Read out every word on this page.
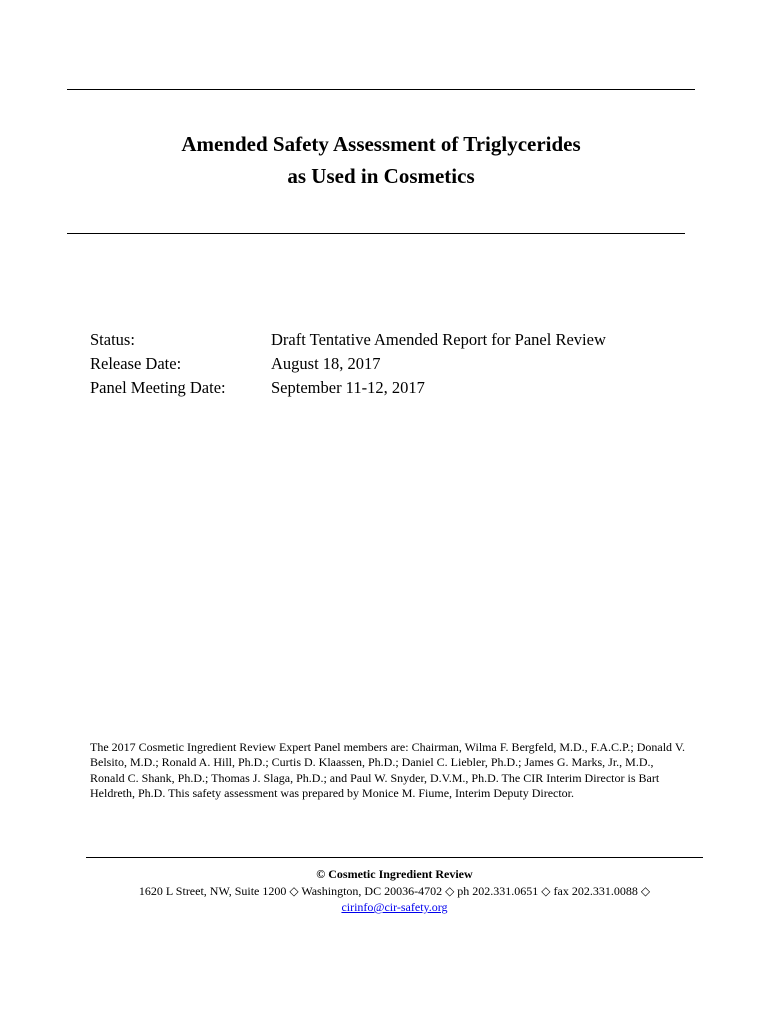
Amended Safety Assessment of Triglycerides
as Used in Cosmetics
Status:	Draft Tentative Amended Report for Panel Review
Release Date:	August 18, 2017
Panel Meeting Date:	September 11-12, 2017
The 2017 Cosmetic Ingredient Review Expert Panel members are: Chairman, Wilma F. Bergfeld, M.D., F.A.C.P.; Donald V. Belsito, M.D.; Ronald A. Hill, Ph.D.; Curtis D. Klaassen, Ph.D.; Daniel C. Liebler, Ph.D.; James G. Marks, Jr., M.D., Ronald C. Shank, Ph.D.; Thomas J. Slaga, Ph.D.; and Paul W. Snyder, D.V.M., Ph.D. The CIR Interim Director is Bart Heldreth, Ph.D. This safety assessment was prepared by Monice M. Fiume, Interim Deputy Director.
© Cosmetic Ingredient Review
1620 L Street, NW, Suite 1200 ◇ Washington, DC 20036-4702 ◇ ph 202.331.0651 ◇ fax 202.331.0088 ◇
cirinfo@cir-safety.org
